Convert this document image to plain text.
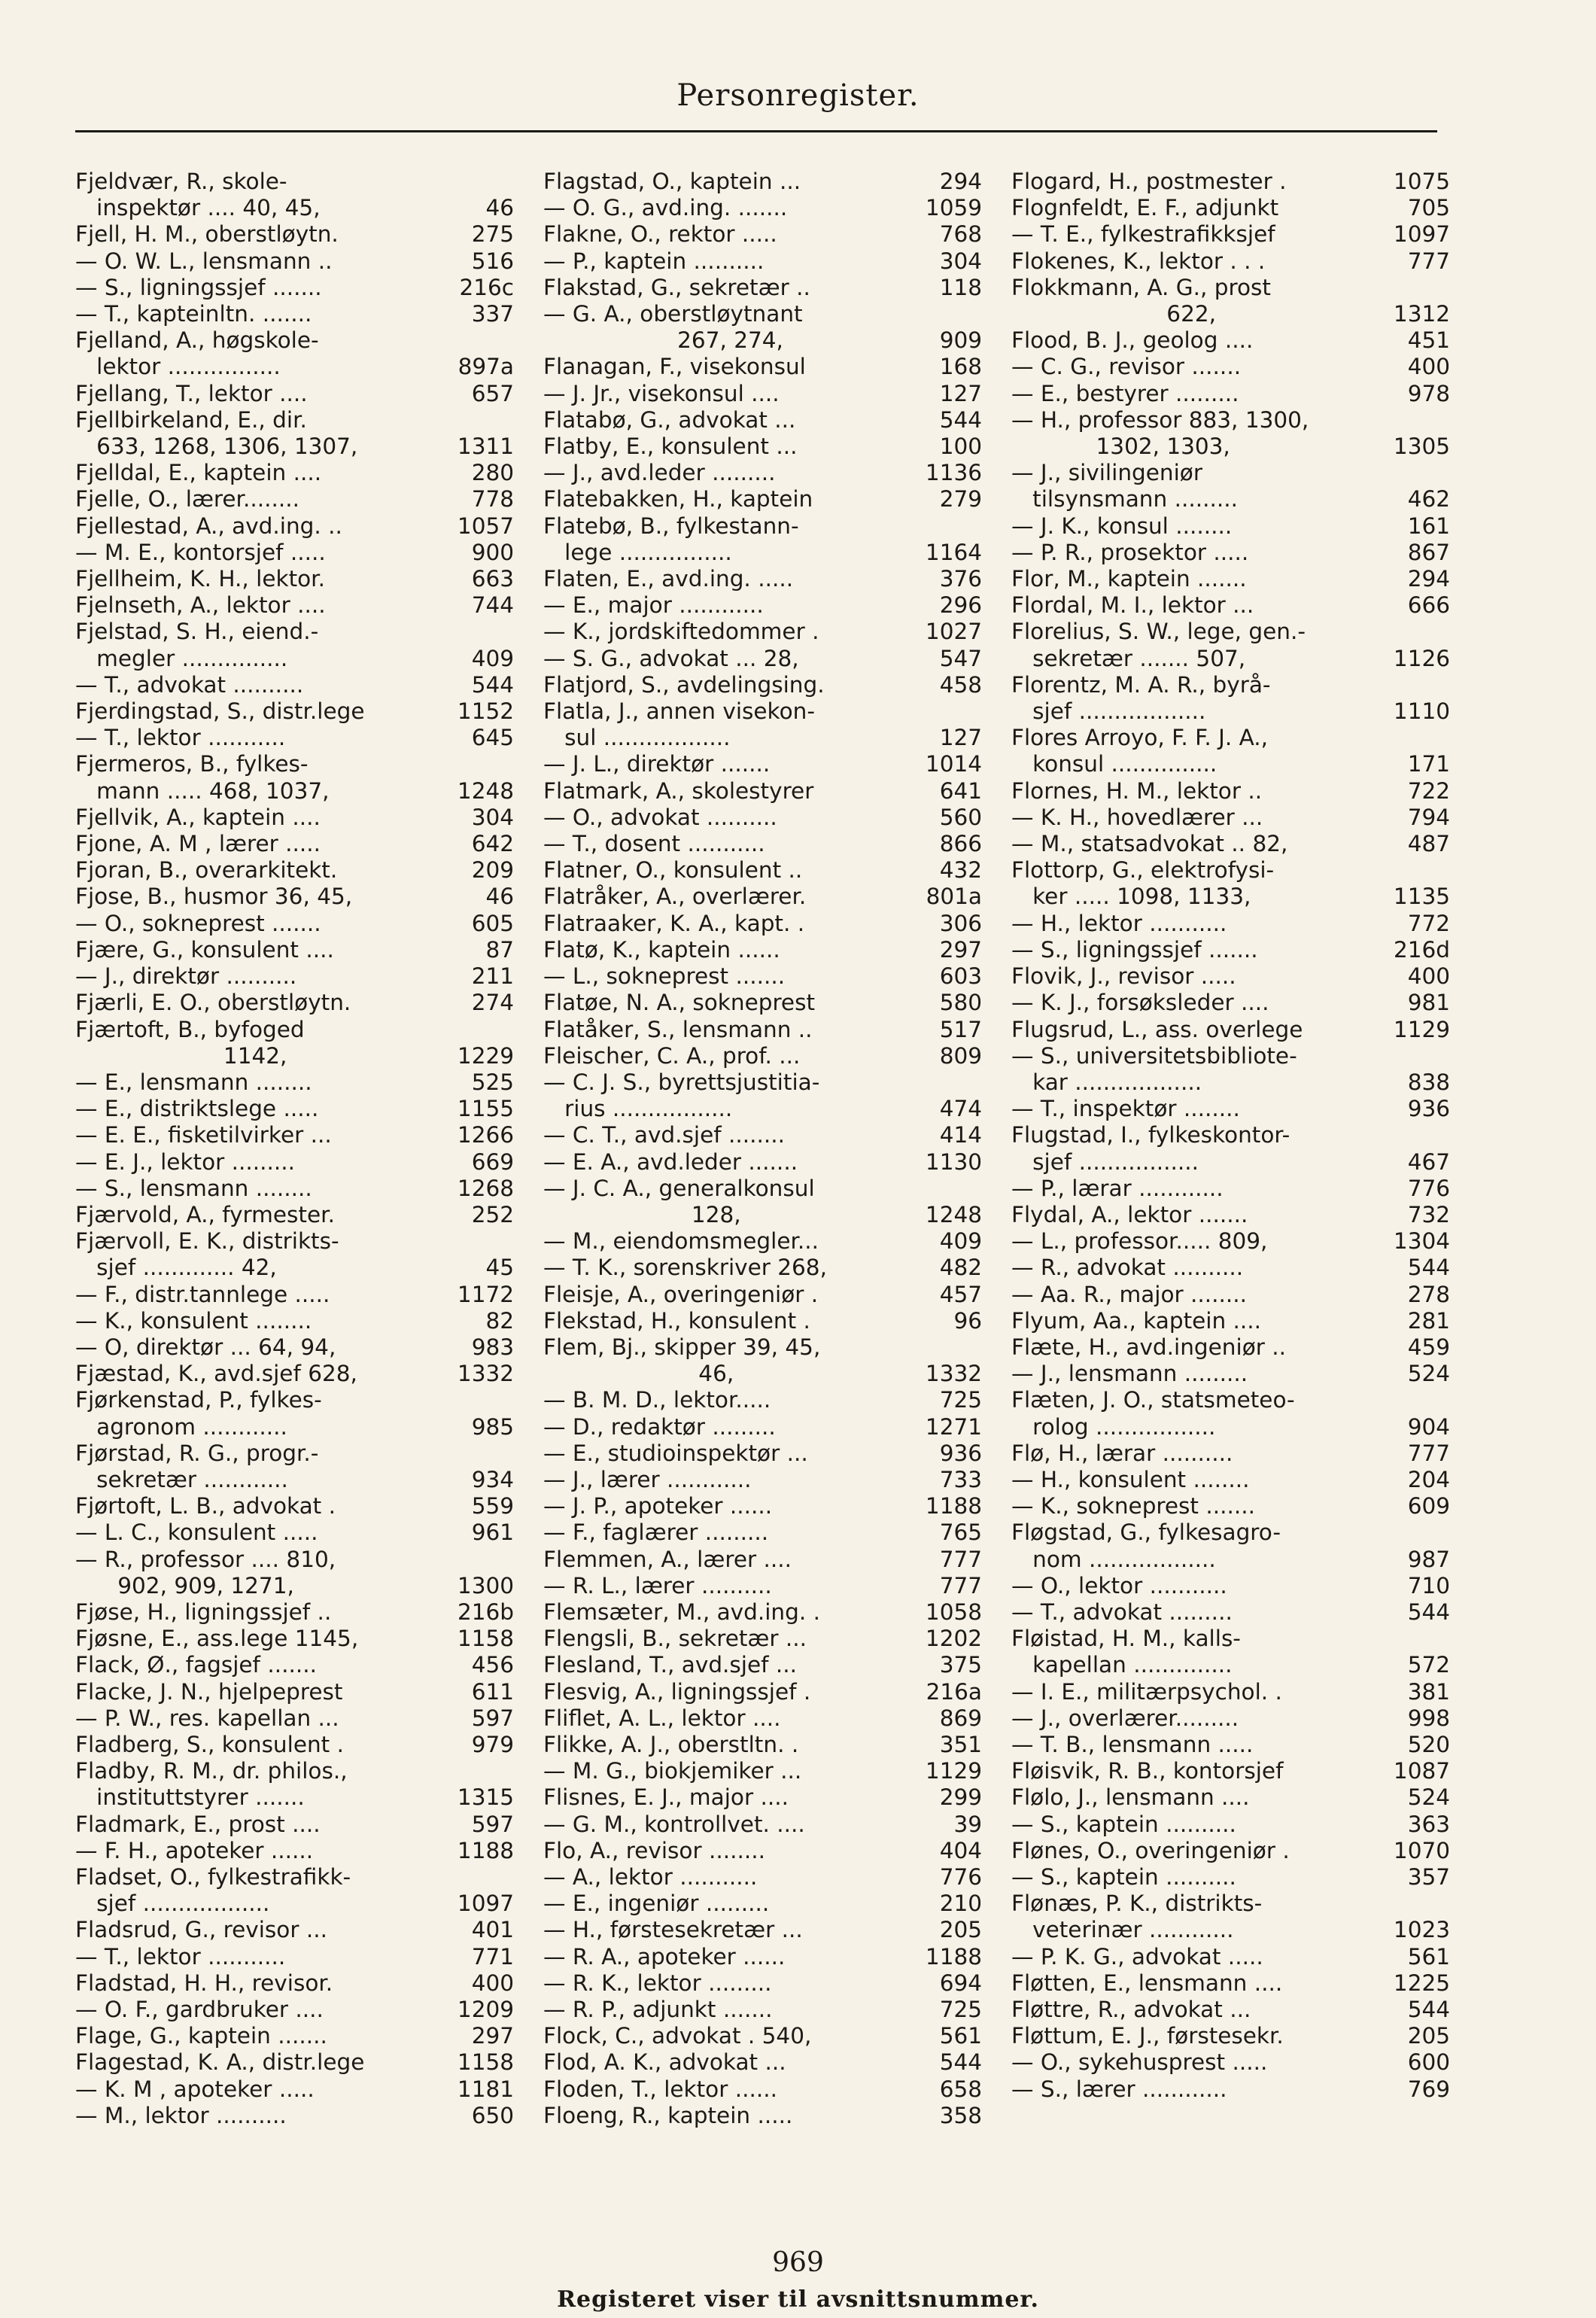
Personregister.
Fjeldvær, R., skole-
46
inspektør .... 40, 45,
275
Fjell, H. M., oberstløytn.
516
— O. W. L., lensmann ..
216c
— S., ligningssjef .......
337
— T., kapteinltn. .......
Fjelland, A., høgskole-
897a
lektor ................
657
Fjellang, T., lektor ....
Fjellbirkeland, E., dir.
1311
633, 1268, 1306, 1307,
280
Fjelldal, E., kaptein ....
778
Fjelle, O., lærer........
1057
Fjellestad, A., avd.ing. ..
900
— M. E., kontorsjef .....
663
Fjellheim, K. H., lektor.
744
Fjelnseth, A., lektor ....
Fjelstad, S. H., eiend.-
409
megler ...............
544
— T., advokat ..........
1152
Fjerdingstad, S., distr.lege
645
— T., lektor ...........
Fjermeros, B., fylkes-
1248
mann ..... 468, 1037,
304
Fjellvik, A., kaptein ....
642
Fjone, A. M , lærer .....
209
Fjoran, B., overarkitekt.
46
Fjose, B., husmor 36, 45,
605
— O., sokneprest .......
87
Fjære, G., konsulent ....
211
— J., direktør ..........
274
Fjærli, E. O., oberstløytn.
Fjærtoft, B., byfoged
1229
1142,
525
— E., lensmann ........
1155
— E., distriktslege .....
1266
— E. E., fisketilvirker ...
669
— E. J., lektor .........
1268
— S., lensmann ........
252
Fjærvold, A., fyrmester.
Fjærvoll, E. K., distrikts-
45
sjef ............. 42,
1172
— F., distr.tannlege .....
82
— K., konsulent ........
983
— O, direktør ... 64, 94,
1332
Fjæstad, K., avd.sjef 628,
Fjørkenstad, P., fylkes-
985
agronom ............
Fjørstad, R. G., progr.-
934
sekretær ............
559
Fjørtoft, L. B., advokat .
961
— L. C., konsulent .....
— R., professor .... 810,
1300
902, 909, 1271,
216b
Fjøse, H., ligningssjef ..
1158
Fjøsne, E., ass.lege 1145,
456
Flack, Ø., fagsjef .......
611
Flacke, J. N., hjelpeprest
597
— P. W., res. kapellan ...
979
Fladberg, S., konsulent .
Fladby, R. M., dr. philos.,
1315
instituttstyrer .......
597
Fladmark, E., prost ....
1188
— F. H., apoteker ......
Fladset, O., fylkestrafikk-
1097
sjef ..................
401
Fladsrud, G., revisor ...
771
— T., lektor ...........
400
Fladstad, H. H., revisor.
1209
— O. F., gardbruker ....
297
Flage, G., kaptein .......
1158
Flagestad, K. A., distr.lege
1181
— K. M , apoteker .....
650
— M., lektor ..........
294
Flagstad, O., kaptein ...
1059
— O. G., avd.ing. .......
768
Flakne, O., rektor .....
304
— P., kaptein ..........
118
Flakstad, G., sekretær ..
— G. A., oberstløytnant
909
267, 274,
168
Flanagan, F., visekonsul
127
— J. Jr., visekonsul ....
544
Flatabø, G., advokat ...
100
Flatby, E., konsulent ...
1136
— J., avd.leder .........
279
Flatebakken, H., kaptein
Flatebø, B., fylkestann-
1164
lege ................
376
Flaten, E., avd.ing. .....
296
— E., major ............
1027
— K., jordskiftedommer .
547
— S. G., advokat ... 28,
458
Flatjord, S., avdelingsing.
Flatla, J., annen visekon-
127
sul ..................
1014
— J. L., direktør .......
641
Flatmark, A., skolestyrer
560
— O., advokat ..........
866
— T., dosent ...........
432
Flatner, O., konsulent ..
801a
Flatråker, A., overlærer.
306
Flatraaker, K. A., kapt. .
297
Flatø, K., kaptein ......
603
— L., sokneprest .......
580
Flatøe, N. A., sokneprest
517
Flatåker, S., lensmann ..
809
Fleischer, C. A., prof. ...
— C. J. S., byrettsjustitia-
474
rius .................
414
— C. T., avd.sjef ........
1130
— E. A., avd.leder .......
— J. C. A., generalkonsul
1248
128,
409
— M., eiendomsmegler...
482
— T. K., sorenskriver 268,
457
Fleisje, A., overingeniør .
96
Flekstad, H., konsulent .
Flem, Bj., skipper 39, 45,
1332
46,
725
— B. M. D., lektor.....
1271
— D., redaktør .........
936
— E., studioinspektør ...
733
— J., lærer ............
1188
— J. P., apoteker ......
765
— F., faglærer .........
777
Flemmen, A., lærer ....
777
— R. L., lærer ..........
1058
Flemsæter, M., avd.ing. .
1202
Flengsli, B., sekretær ...
375
Flesland, T., avd.sjef ...
216a
Flesvig, A., ligningssjef .
869
Fliflet, A. L., lektor ....
351
Flikke, A. J., oberstltn. .
1129
— M. G., biokjemiker ...
299
Flisnes, E. J., major ....
39
— G. M., kontrollvet. ....
404
Flo, A., revisor ........
776
— A., lektor ...........
210
— E., ingeniør .........
205
— H., førstesekretær ...
1188
— R. A., apoteker ......
694
— R. K., lektor .........
725
— R. P., adjunkt .......
561
Flock, C., advokat . 540,
544
Flod, A. K., advokat ...
658
Floden, T., lektor ......
358
Floeng, R., kaptein .....
1075
Flogard, H., postmester .
705
Flognfeldt, E. F., adjunkt
1097
— T. E., fylkestrafikksjef
777
Flokenes, K., lektor . . .
Flokkmann, A. G., prost
1312
622,
451
Flood, B. J., geolog ....
400
— C. G., revisor .......
978
— E., bestyrer .........
— H., professor 883, 1300,
1305
1302, 1303,
— J., sivilingeniør
462
tilsynsmann .........
161
— J. K., konsul ........
867
— P. R., prosektor .....
294
Flor, M., kaptein .......
666
Flordal, M. I., lektor ...
Florelius, S. W., lege, gen.-
1126
sekretær ....... 507,
Florentz, M. A. R., byrå-
1110
sjef ..................
Flores Arroyo, F. F. J. A.,
171
konsul ...............
722
Flornes, H. M., lektor ..
794
— K. H., hovedlærer ...
487
— M., statsadvokat .. 82,
Flottorp, G., elektrofysi-
1135
ker ..... 1098, 1133,
772
— H., lektor ...........
216d
— S., ligningssjef .......
400
Flovik, J., revisor .....
981
— K. J., forsøksleder ....
1129
Flugsrud, L., ass. overlege
— S., universitetsbibliote-
838
kar ..................
936
— T., inspektør ........
Flugstad, I., fylkeskontor-
467
sjef .................
776
— P., lærar ............
732
Flydal, A., lektor .......
1304
— L., professor..... 809,
544
— R., advokat ..........
278
— Aa. R., major ........
281
Flyum, Aa., kaptein ....
459
Flæte, H., avd.ingeniør ..
524
— J., lensmann .........
Flæten, J. O., statsmeteo-
904
rolog .................
777
Flø, H., lærar ..........
204
— H., konsulent ........
609
— K., sokneprest .......
Fløgstad, G., fylkesagro-
987
nom ..................
710
— O., lektor ...........
544
— T., advokat .........
Fløistad, H. M., kalls-
572
kapellan ..............
381
— I. E., militærpsychol. .
998
— J., overlærer.........
520
— T. B., lensmann .....
1087
Fløisvik, R. B., kontorsjef
524
Flølo, J., lensmann ....
363
— S., kaptein ..........
1070
Flønes, O., overingeniør .
357
— S., kaptein ..........
Flønæs, P. K., distrikts-
1023
veterinær ............
561
— P. K. G., advokat .....
1225
Fløtten, E., lensmann ....
544
Fløttre, R., advokat ...
205
Fløttum, E. J., førstesekr.
600
— O., sykehusprest .....
769
— S., lærer ............
969
Registeret viser til avsnittsnummer.
